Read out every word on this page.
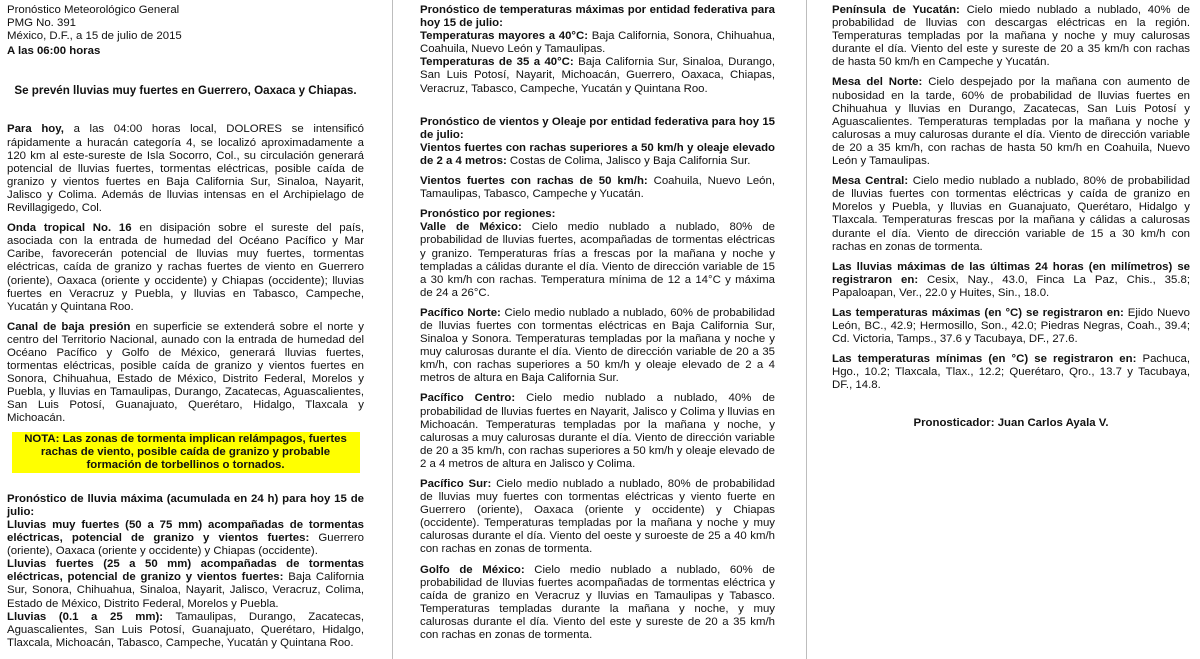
Pronóstico Meteorológico General

PMG No. 391

México, D.F., a 15 de julio de 2015

A las 06:00 horas

Se prevén lluvias muy fuertes en Guerrero, Oaxaca y Chiapas.

Para hoy, a las 04:00 horas local, DOLORES se intensificó rápidamente a huracán categoría 4, se localizó aproximadamente a 120 km al este-sureste de Isla Socorro, Col., su circulación generará potencial de lluvias fuertes, tormentas eléctricas, posible caída de granizo y vientos fuertes en Baja California Sur, Sinaloa, Nayarit, Jalisco y Colima. Además de lluvias intensas en el Archipielago de Revillagigedo, Col.

Onda tropical No. 16 en disipación sobre el sureste del país, asociada con la entrada de humedad del Océano Pacífico y Mar Caribe, favorecerán potencial de lluvias muy fuertes, tormentas eléctricas, caída de granizo y rachas fuertes de viento en Guerrero (oriente), Oaxaca (oriente y occidente) y Chiapas (occidente); lluvias fuertes en Veracruz y Puebla, y lluvias en Tabasco, Campeche, Yucatán y Quintana Roo.

Canal de baja presión en superficie se extenderá sobre el norte y centro del Territorio Nacional, aunado con la entrada de humedad del Océano Pacífico y Golfo de México, generará lluvias fuertes, tormentas eléctricas, posible caída de granizo y vientos fuertes en Sonora, Chihuahua, Estado de México, Distrito Federal, Morelos y Puebla, y lluvias en Tamaulipas, Durango, Zacatecas, Aguascalientes, San Luis Potosí, Guanajuato, Querétaro, Hidalgo, Tlaxcala y Michoacán.

NOTA: Las zonas de tormenta implican relámpagos, fuertes rachas de viento, posible caída de granizo y probable formación de torbellinos o tornados.

Pronóstico de lluvia máxima (acumulada en 24 h) para hoy 15 de julio:

Lluvias muy fuertes (50 a 75 mm) acompañadas de tormentas eléctricas, potencial de granizo y vientos fuertes: Guerrero (oriente), Oaxaca (oriente y occidente) y Chiapas (occidente).

Lluvias fuertes (25 a 50 mm) acompañadas de tormentas eléctricas, potencial de granizo y vientos fuertes: Baja California Sur, Sonora, Chihuahua, Sinaloa, Nayarit, Jalisco, Veracruz, Colima, Estado de México, Distrito Federal, Morelos y Puebla.

Lluvias (0.1 a 25 mm): Tamaulipas, Durango, Zacatecas, Aguascalientes, San Luis Potosí, Guanajuato, Querétaro, Hidalgo, Tlaxcala, Michoacán, Tabasco, Campeche, Yucatán y Quintana Roo.

Pronóstico de temperaturas máximas por entidad federativa para hoy 15 de julio:

Temperaturas mayores a 40°C: Baja California, Sonora, Chihuahua, Coahuila, Nuevo León y Tamaulipas.

Temperaturas de 35 a 40°C: Baja California Sur, Sinaloa, Durango, San Luis Potosí, Nayarit, Michoacán, Guerrero, Oaxaca, Chiapas, Veracruz, Tabasco, Campeche, Yucatán y Quintana Roo.

Pronóstico de vientos y Oleaje por entidad federativa para hoy 15 de julio:

Vientos fuertes con rachas superiores a 50 km/h y oleaje elevado de 2 a 4 metros: Costas de Colima, Jalisco y Baja California Sur.

Vientos fuertes con rachas de 50 km/h: Coahuila, Nuevo León, Tamaulipas, Tabasco, Campeche y Yucatán.

Pronóstico por regiones:

Valle de México: Cielo medio nublado a nublado, 80% de probabilidad de lluvias fuertes, acompañadas de tormentas eléctricas y granizo. Temperaturas frías a frescas por la mañana y noche y templadas a cálidas durante el día. Viento de dirección variable de 15 a 30 km/h con rachas. Temperatura mínima de 12 a 14°C y máxima de 24 a 26°C.

Pacífico Norte: Cielo medio nublado a nublado, 60% de probabilidad de lluvias fuertes con tormentas eléctricas en Baja California Sur, Sinaloa y Sonora. Temperaturas templadas por la mañana y noche y muy calurosas durante el día. Viento de dirección variable de 20 a 35 km/h, con rachas superiores a 50 km/h y oleaje elevado de 2 a 4 metros de altura en Baja California Sur.

Pacífico Centro: Cielo medio nublado a nublado, 40% de probabilidad de lluvias fuertes en Nayarit, Jalisco y Colima y lluvias en Michoacán. Temperaturas templadas por la mañana y noche, y calurosas a muy calurosas durante el día. Viento de dirección variable de 20 a 35 km/h, con rachas superiores a 50 km/h y oleaje elevado de 2 a 4 metros de altura en Jalisco y Colima.

Pacífico Sur: Cielo medio nublado a nublado, 80% de probabilidad de lluvias muy fuertes con tormentas eléctricas y viento fuerte en Guerrero (oriente), Oaxaca (oriente y occidente) y Chiapas (occidente). Temperaturas templadas por la mañana y noche y muy calurosas durante el día. Viento del oeste y suroeste de 25 a 40 km/h con rachas en zonas de tormenta.

Golfo de México: Cielo medio nublado a nublado, 60% de probabilidad de lluvias fuertes acompañadas de tormentas eléctrica y caída de granizo en Veracruz y lluvias en Tamaulipas y Tabasco. Temperaturas templadas durante la mañana y noche, y muy calurosas durante el día. Viento del este y sureste de 20 a 35 km/h con rachas en zonas de tormenta.

Península de Yucatán: Cielo miedo nublado a nublado, 40% de probabilidad de lluvias con descargas eléctricas en la región. Temperaturas templadas por la mañana y noche y muy calurosas durante el día. Viento del este y sureste de 20 a 35 km/h con rachas de hasta 50 km/h en Campeche y Yucatán.

Mesa del Norte: Cielo despejado por la mañana con aumento de nubosidad en la tarde, 60% de probabilidad de lluvias fuertes en Chihuahua y lluvias en Durango, Zacatecas, San Luis Potosí y Aguascalientes. Temperaturas templadas por la mañana y noche y calurosas a muy calurosas durante el día. Viento de dirección variable de 20 a 35 km/h, con rachas de hasta 50 km/h en Coahuila, Nuevo León y Tamaulipas.

Mesa Central: Cielo medio nublado a nublado, 80% de probabilidad de lluvias fuertes con tormentas eléctricas y caída de granizo en Morelos y Puebla, y lluvias en Guanajuato, Querétaro, Hidalgo y Tlaxcala. Temperaturas frescas por la mañana y cálidas a calurosas durante el día. Viento de dirección variable de 15 a 30 km/h con rachas en zonas de tormenta.

Las lluvias máximas de las últimas 24 horas (en milímetros) se registraron en: Cesix, Nay., 43.0, Finca La Paz, Chis., 35.8; Papaloapan, Ver., 22.0 y Huites, Sin., 18.0.

Las temperaturas máximas (en °C) se registraron en: Ejido Nuevo León, BC., 42.9; Hermosillo, Son., 42.0; Piedras Negras, Coah., 39.4; Cd. Victoria, Tamps., 37.6 y Tacubaya, DF., 27.6.

Las temperaturas mínimas (en °C) se registraron en: Pachuca, Hgo., 10.2; Tlaxcala, Tlax., 12.2; Querétaro, Qro., 13.7 y Tacubaya, DF., 14.8.

Pronosticador: Juan Carlos Ayala V.
